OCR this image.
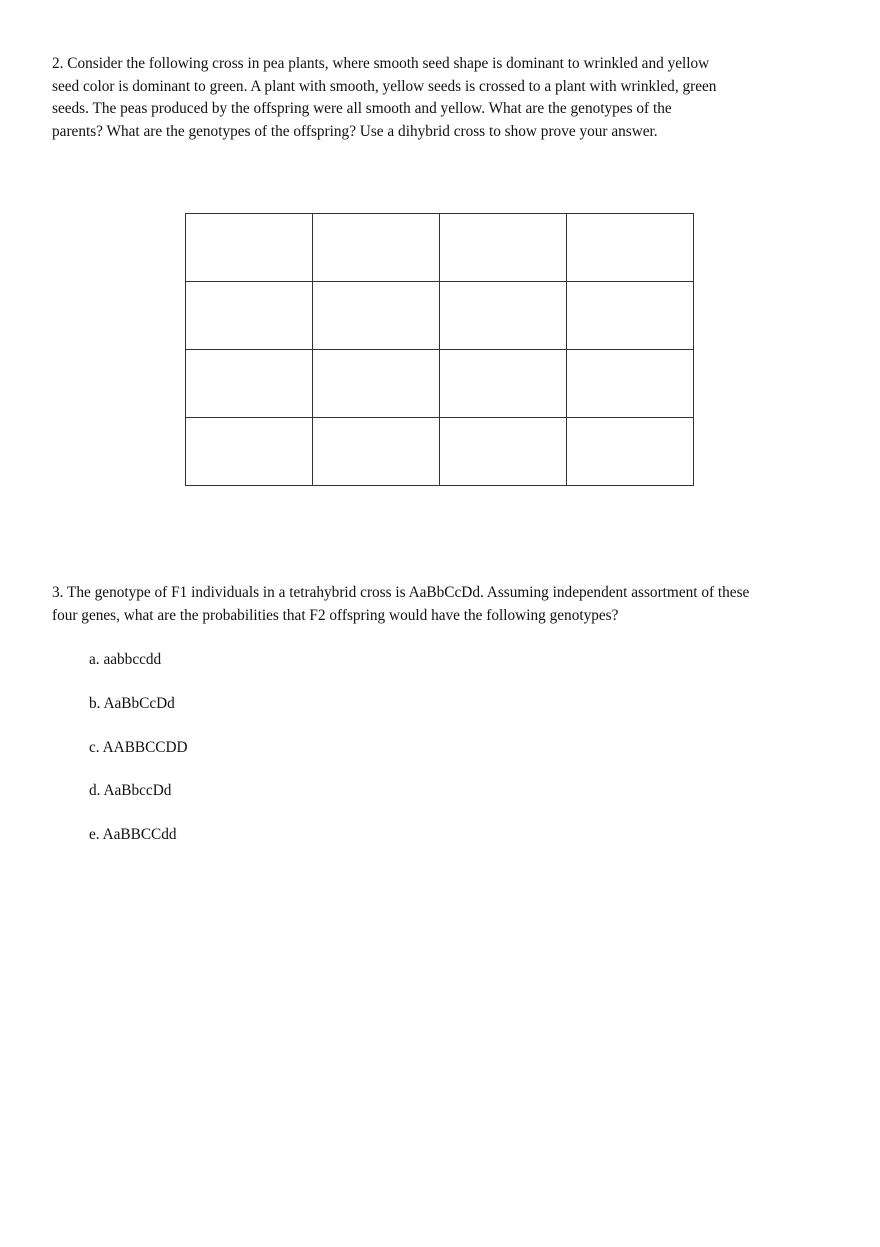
2. Consider the following cross in pea plants, where smooth seed shape is dominant to wrinkled and yellow seed color is dominant to green. A plant with smooth, yellow seeds is crossed to a plant with wrinkled, green seeds. The peas produced by the offspring were all smooth and yellow. What are the genotypes of the parents? What are the genotypes of the offspring? Use a dihybrid cross to show prove your answer.

3. The genotype of F1 individuals in a tetrahybrid cross is AaBbCcDd. Assuming independent assortment of these four genes, what are the probabilities that F2 offspring would have the following genotypes?

a. aabbccdd
b. AaBbCcDd
c. AABBCCDD
d. AaBbccDd
e. AaBBCCdd
